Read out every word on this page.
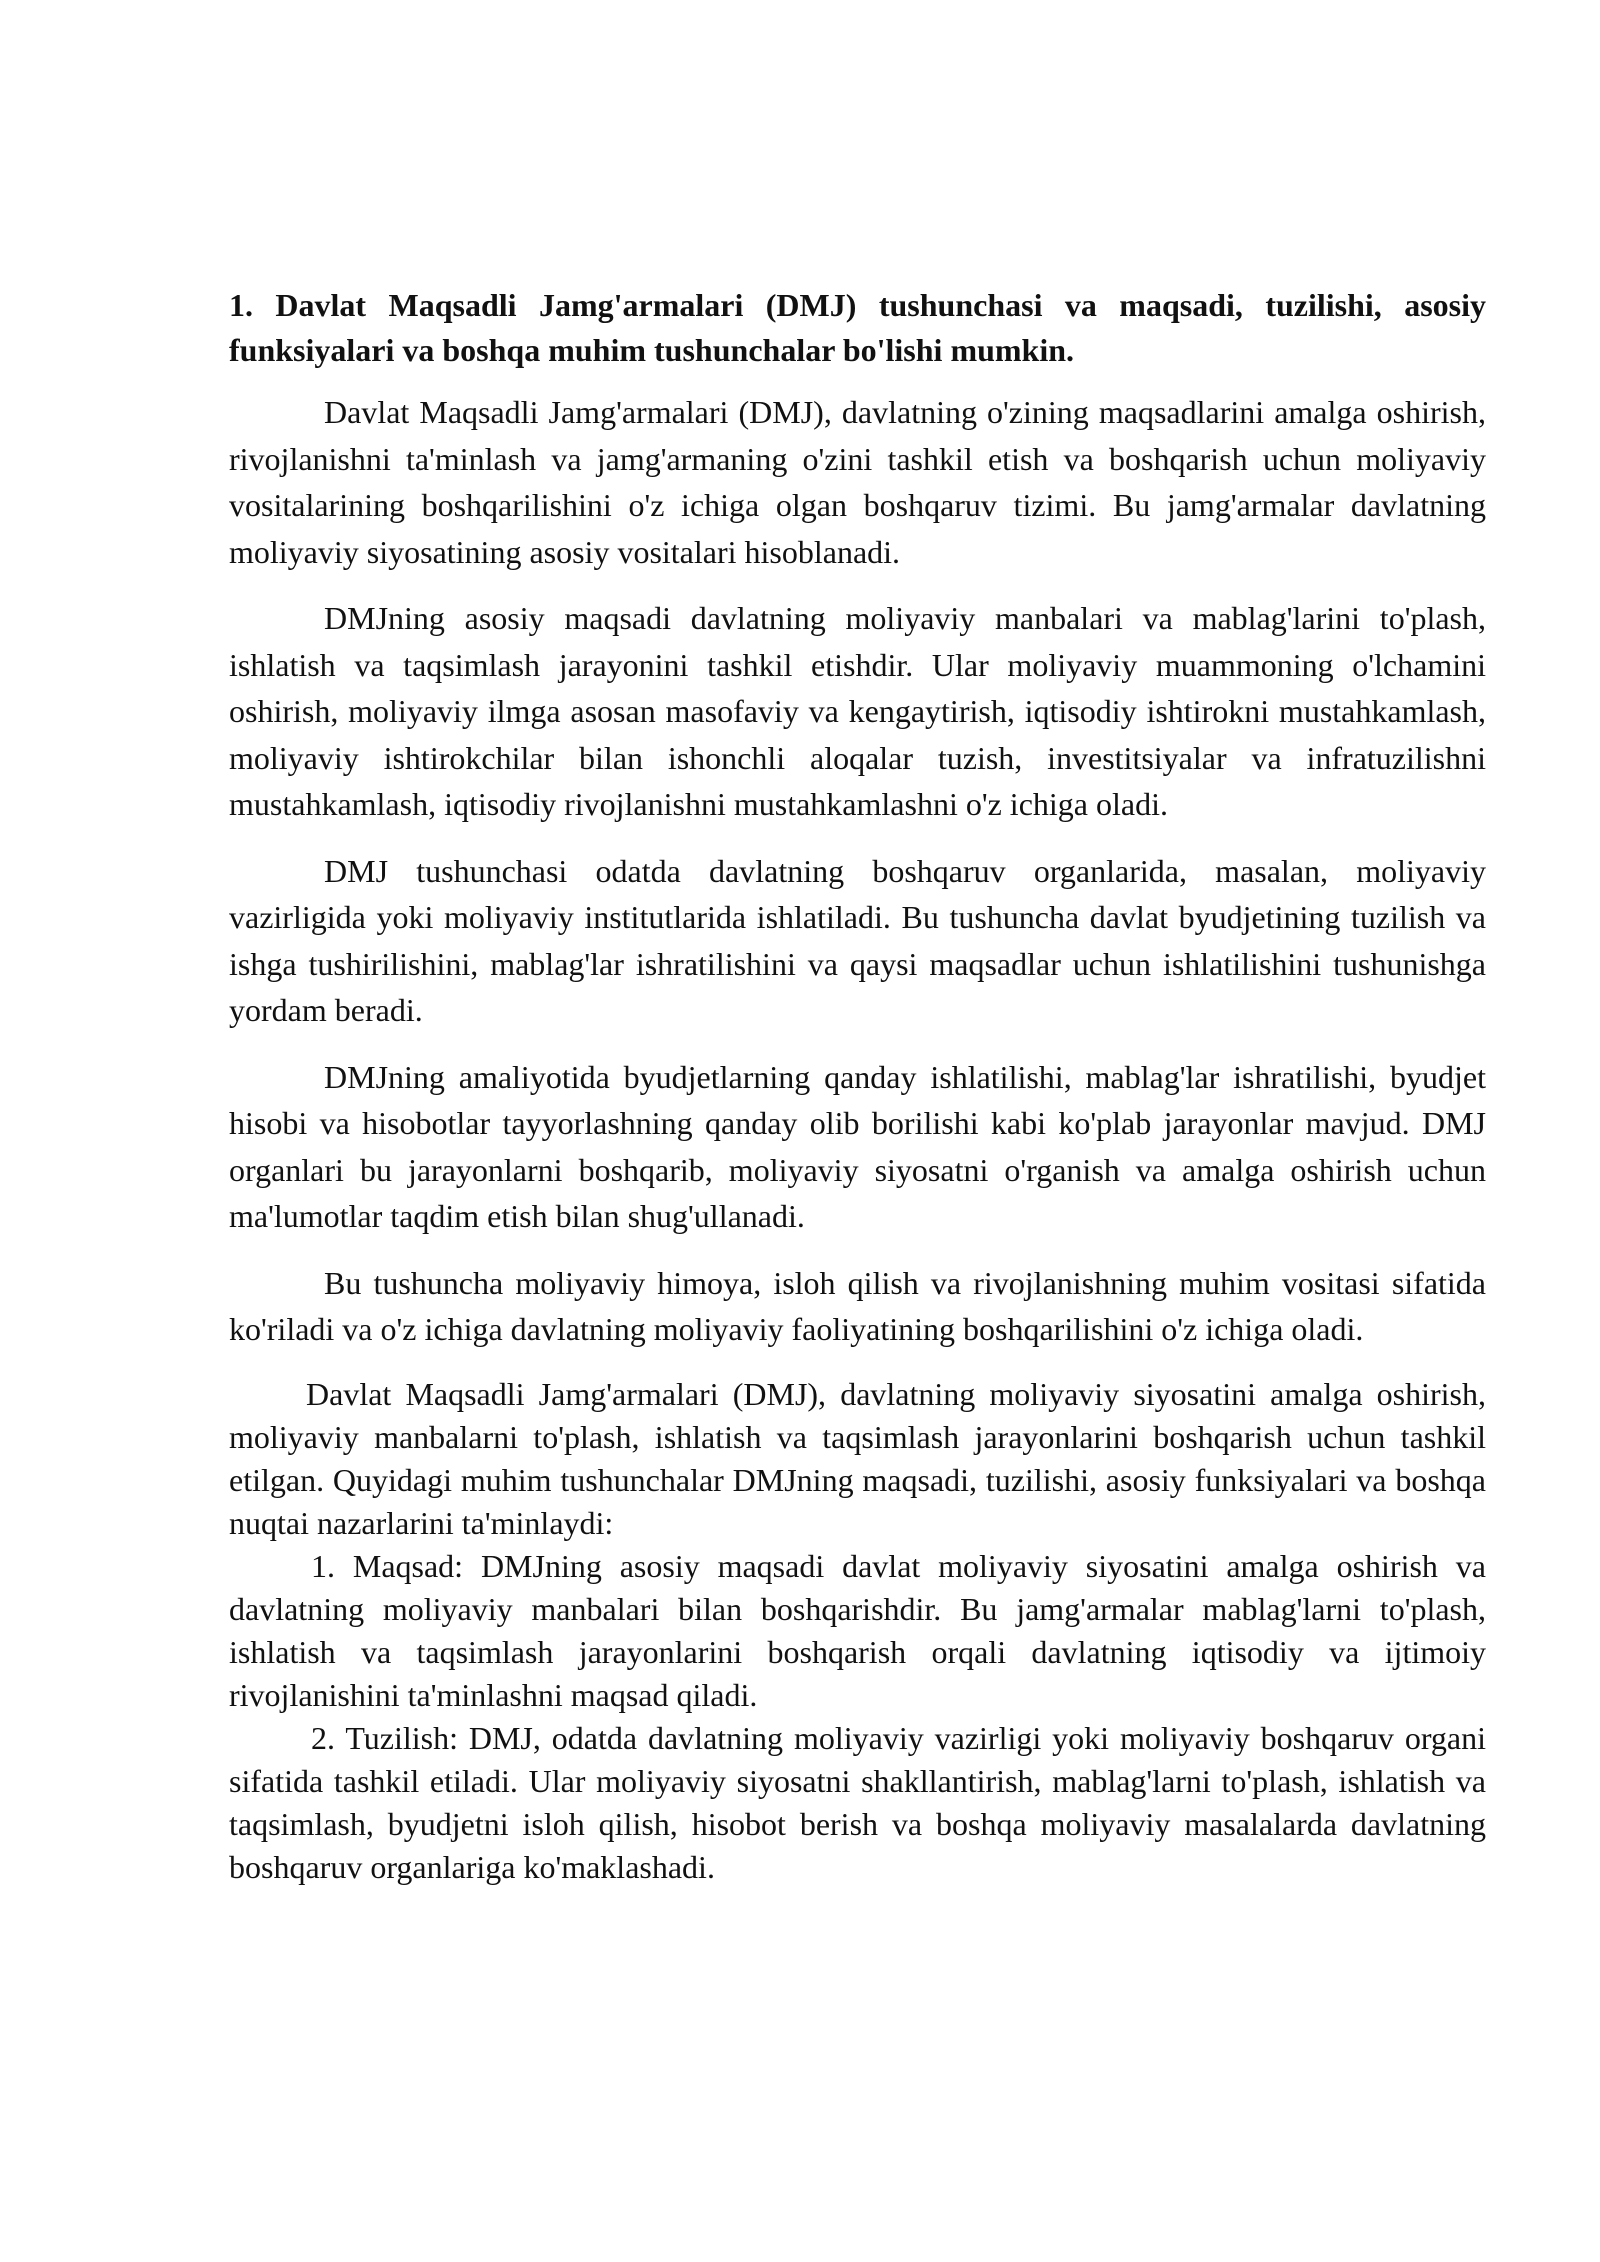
1. Davlat Maqsadli Jamg'armalari (DMJ) tushunchasi va maqsadi, tuzilishi, asosiy funksiyalari va boshqa muhim tushunchalar bo'lishi mumkin.

Davlat Maqsadli Jamg'armalari (DMJ), davlatning o'zining maqsadlarini amalga oshirish, rivojlanishni ta'minlash va jamg'armaning o'zini tashkil etish va boshqarish uchun moliyaviy vositalarining boshqarilishini o'z ichiga olgan boshqaruv tizimi. Bu jamg'armalar davlatning moliyaviy siyosatining asosiy vositalari hisoblanadi.

DMJning asosiy maqsadi davlatning moliyaviy manbalari va mablag'larini to'plash, ishlatish va taqsimlash jarayonini tashkil etishdir. Ular moliyaviy muammoning o'lchamini oshirish, moliyaviy ilmga asosan masofaviy va kengaytirish, iqtisodiy ishtirokni mustahkamlash, moliyaviy ishtirokchilar bilan ishonchli aloqalar tuzish, investitsiyalar va infratuzilishni mustahkamlash, iqtisodiy rivojlanishni mustahkamlashni o'z ichiga oladi.

DMJ tushunchasi odatda davlatning boshqaruv organlarida, masalan, moliyaviy vazirligida yoki moliyaviy institutlarida ishlatiladi. Bu tushuncha davlat byudjetining tuzilish va ishga tushirilishini, mablag'lar ishratilishini va qaysi maqsadlar uchun ishlatilishini tushunishga yordam beradi.

DMJning amaliyotida byudjetlarning qanday ishlatilishi, mablag'lar ishratilishi, byudjet hisobi va hisobotlar tayyorlashning qanday olib borilishi kabi ko'plab jarayonlar mavjud. DMJ organlari bu jarayonlarni boshqarib, moliyaviy siyosatni o'rganish va amalga oshirish uchun ma'lumotlar taqdim etish bilan shug'ullanadi.

Bu tushuncha moliyaviy himoya, isloh qilish va rivojlanishning muhim vositasi sifatida ko'riladi va o'z ichiga davlatning moliyaviy faoliyatining boshqarilishini o'z ichiga oladi.

Davlat Maqsadli Jamg'armalari (DMJ), davlatning moliyaviy siyosatini amalga oshirish, moliyaviy manbalarni to'plash, ishlatish va taqsimlash jarayonlarini boshqarish uchun tashkil etilgan. Quyidagi muhim tushunchalar DMJning maqsadi, tuzilishi, asosiy funksiyalari va boshqa nuqtai nazarlarini ta'minlaydi:

1. Maqsad: DMJning asosiy maqsadi davlat moliyaviy siyosatini amalga oshirish va davlatning moliyaviy manbalari bilan boshqarishdir. Bu jamg'armalar mablag'larni to'plash, ishlatish va taqsimlash jarayonlarini boshqarish orqali davlatning iqtisodiy va ijtimoiy rivojlanishini ta'minlashni maqsad qiladi.
2. Tuzilish: DMJ, odatda davlatning moliyaviy vazirligi yoki moliyaviy boshqaruv organi sifatida tashkil etiladi. Ular moliyaviy siyosatni shakllantirish, mablag'larni to'plash, ishlatish va taqsimlash, byudjetni isloh qilish, hisobot berish va boshqa moliyaviy masalalarda davlatning boshqaruv organlariga ko'maklashadi.
